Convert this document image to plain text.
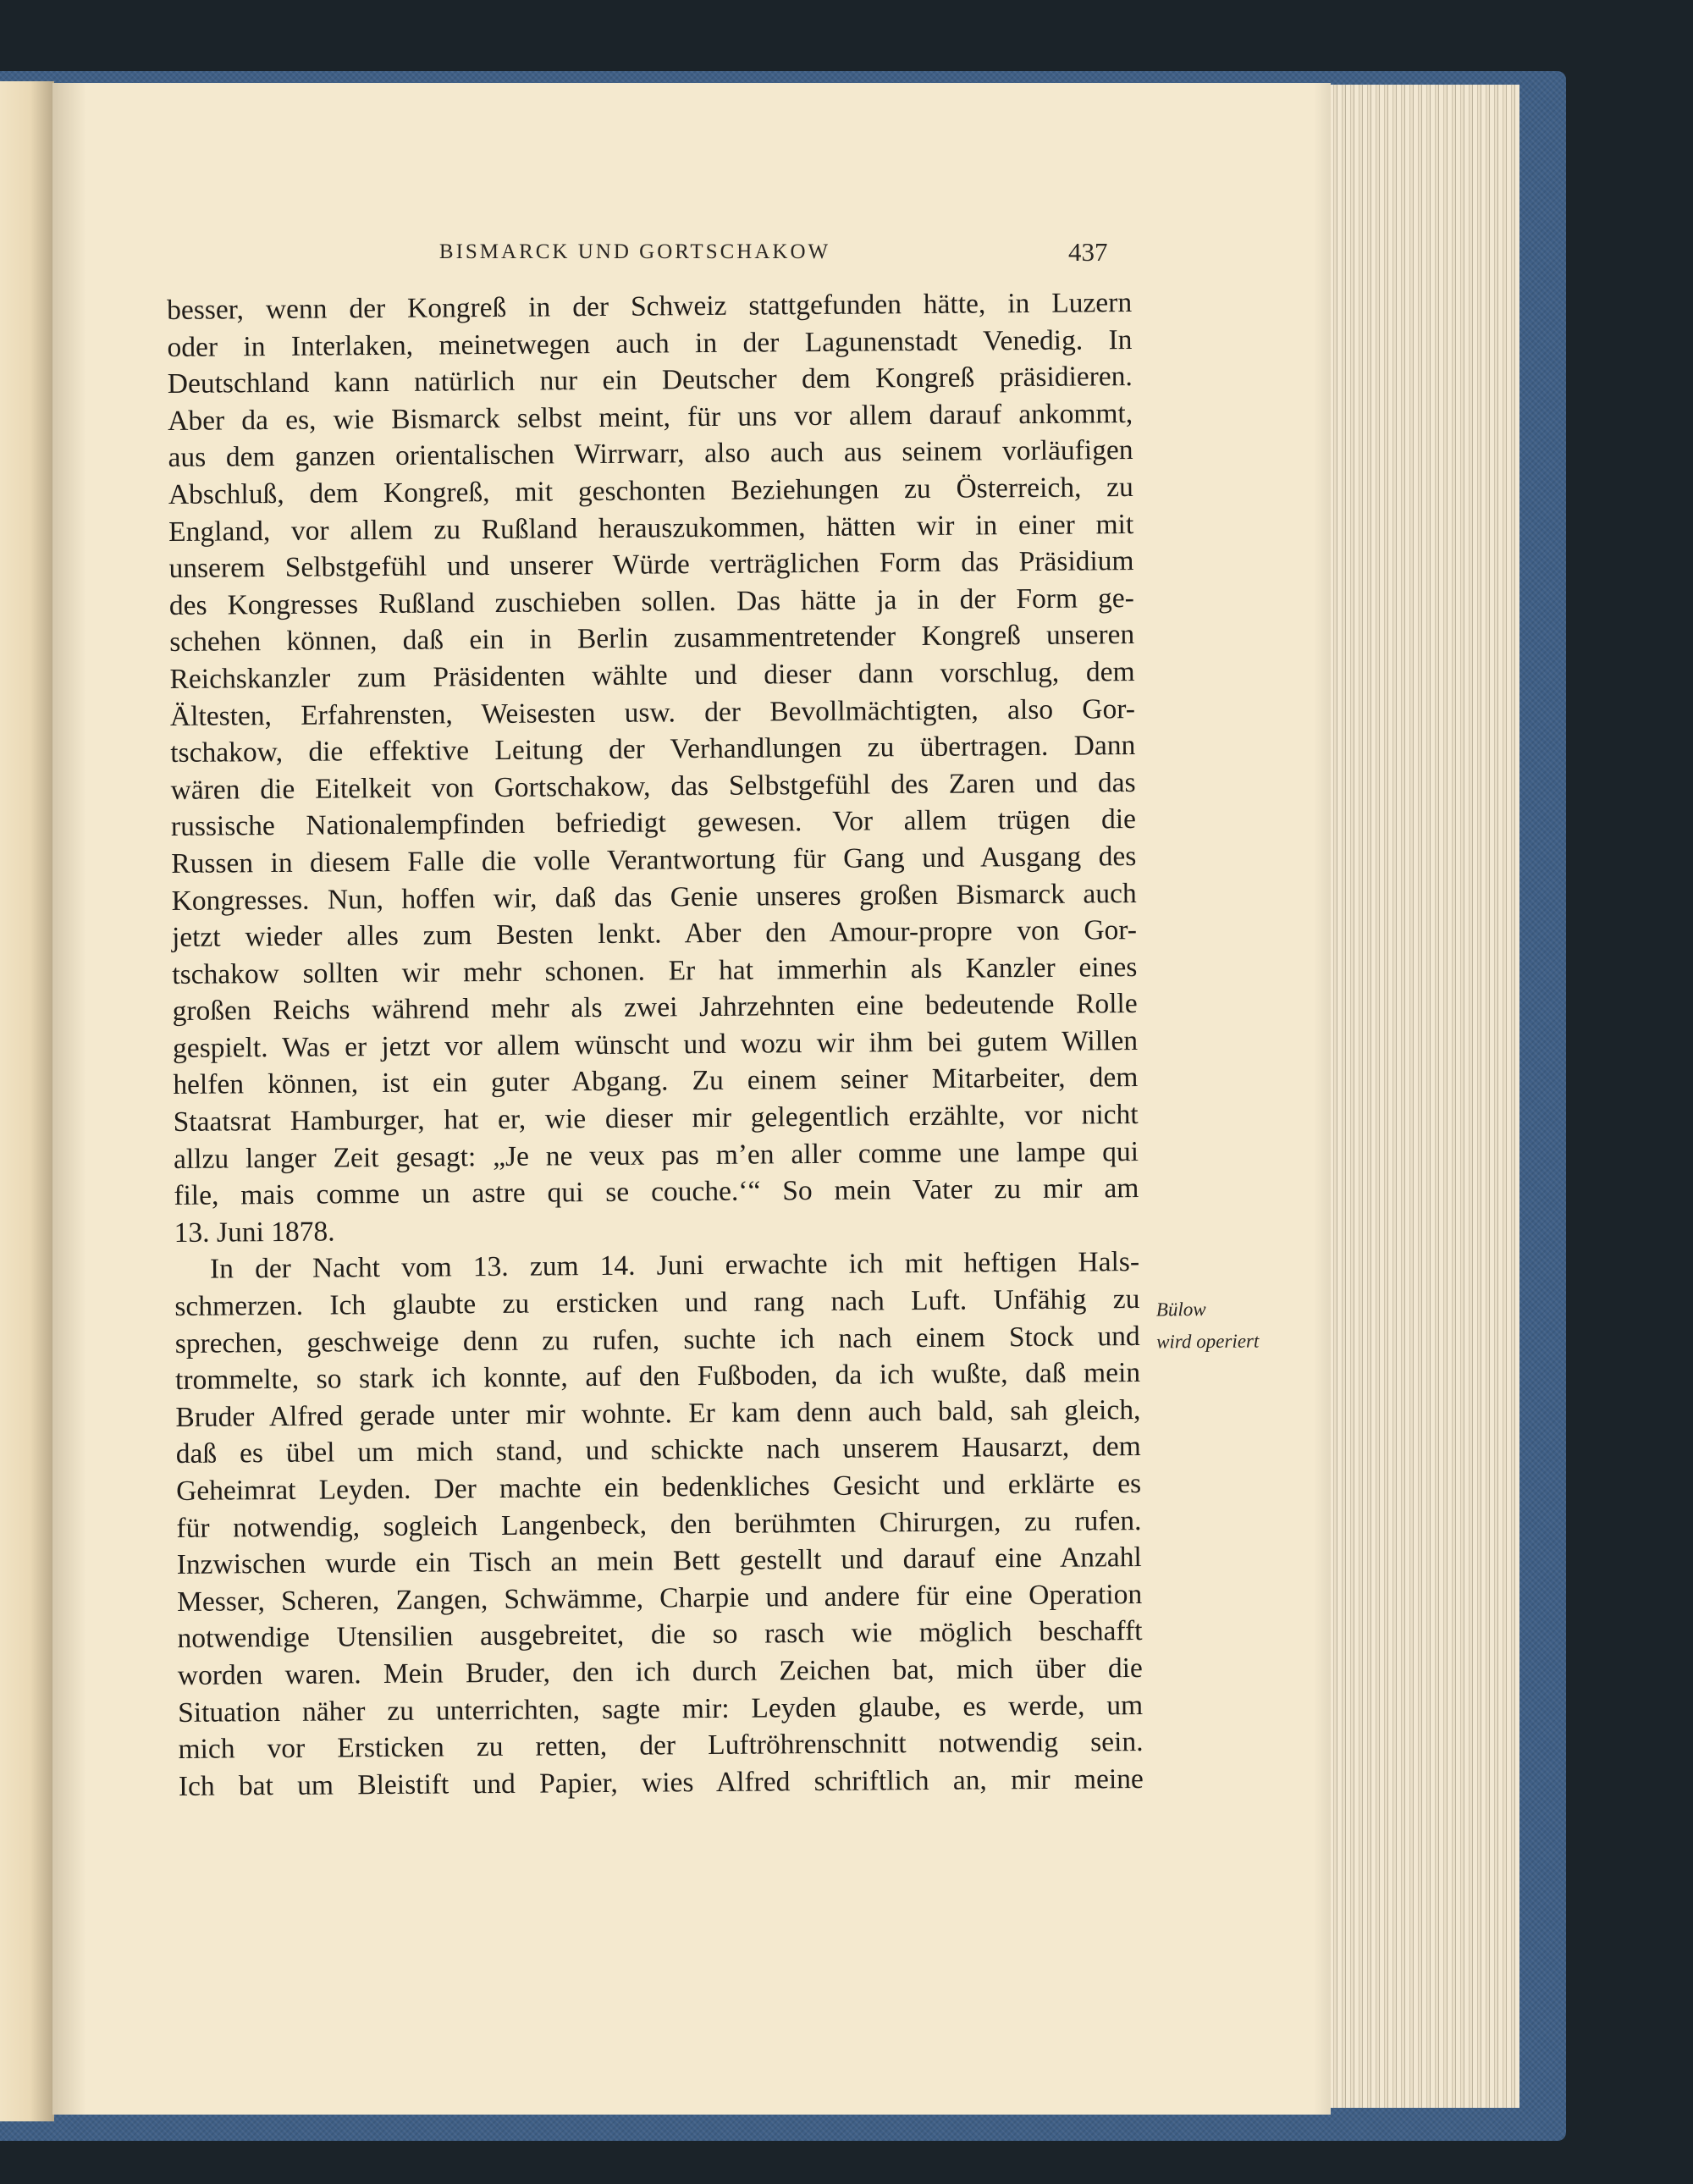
BISMARCK UND GORTSCHAKOW	437
besser, wenn der Kongreß in der Schweiz stattgefunden hätte, in Luzern
oder in Interlaken, meinetwegen auch in der Lagunenstadt Venedig. In
Deutschland kann natürlich nur ein Deutscher dem Kongreß präsidieren.
Aber da es, wie Bismarck selbst meint, für uns vor allem darauf ankommt,
aus dem ganzen orientalischen Wirrwarr, also auch aus seinem vorläufigen
Abschluß, dem Kongreß, mit geschonten Beziehungen zu Österreich, zu
England, vor allem zu Rußland herauszukommen, hätten wir in einer mit
unserem Selbstgefühl und unserer Würde verträglichen Form das Präsidium
des Kongresses Rußland zuschieben sollen. Das hätte ja in der Form ge-
schehen können, daß ein in Berlin zusammentretender Kongreß unseren
Reichskanzler zum Präsidenten wählte und dieser dann vorschlug, dem
Ältesten, Erfahrensten, Weisesten usw. der Bevollmächtigten, also Gor-
tschakow, die effektive Leitung der Verhandlungen zu übertragen. Dann
wären die Eitelkeit von Gortschakow, das Selbstgefühl des Zaren und das
russische Nationalempfinden befriedigt gewesen. Vor allem trügen die
Russen in diesem Falle die volle Verantwortung für Gang und Ausgang des
Kongresses. Nun, hoffen wir, daß das Genie unseres großen Bismarck auch
jetzt wieder alles zum Besten lenkt. Aber den Amour-propre von Gor-
tschakow sollten wir mehr schonen. Er hat immerhin als Kanzler eines
großen Reichs während mehr als zwei Jahrzehnten eine bedeutende Rolle
gespielt. Was er jetzt vor allem wünscht und wozu wir ihm bei gutem Willen
helfen können, ist ein guter Abgang. Zu einem seiner Mitarbeiter, dem
Staatsrat Hamburger, hat er, wie dieser mir gelegentlich erzählte, vor nicht
allzu langer Zeit gesagt: „Je ne veux pas m’en aller comme une lampe qui
file, mais comme un astre qui se couche.‘“ So mein Vater zu mir am
13. Juni 1878.
In der Nacht vom 13. zum 14. Juni erwachte ich mit heftigen Hals-
schmerzen. Ich glaubte zu ersticken und rang nach Luft. Unfähig zu
sprechen, geschweige denn zu rufen, suchte ich nach einem Stock und
trommelte, so stark ich konnte, auf den Fußboden, da ich wußte, daß mein
Bruder Alfred gerade unter mir wohnte. Er kam denn auch bald, sah gleich,
daß es übel um mich stand, und schickte nach unserem Hausarzt, dem
Geheimrat Leyden. Der machte ein bedenkliches Gesicht und erklärte es
für notwendig, sogleich Langenbeck, den berühmten Chirurgen, zu rufen.
Inzwischen wurde ein Tisch an mein Bett gestellt und darauf eine Anzahl
Messer, Scheren, Zangen, Schwämme, Charpie und andere für eine Operation
notwendige Utensilien ausgebreitet, die so rasch wie möglich beschafft
worden waren. Mein Bruder, den ich durch Zeichen bat, mich über die
Situation näher zu unterrichten, sagte mir: Leyden glaube, es werde, um
mich vor Ersticken zu retten, der Luftröhrenschnitt notwendig sein.
Ich bat um Bleistift und Papier, wies Alfred schriftlich an, mir meine
Bülow
wird operiert
